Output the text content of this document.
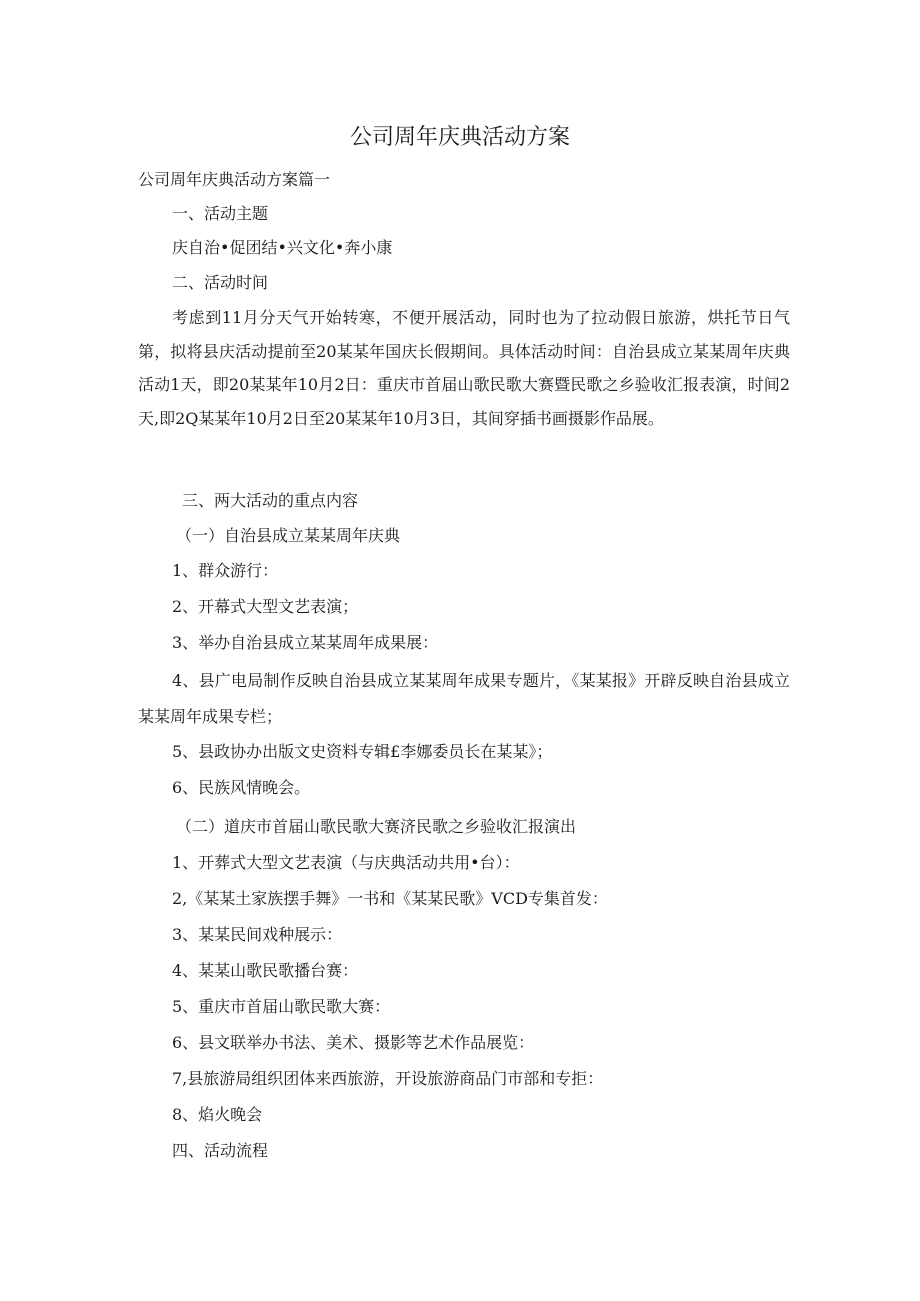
公司周年庆典活动方案
公司周年庆典活动方案篇一
一、活动主题
庆自治•促团结•兴文化•奔小康
二、活动时间
考虑到11月分天气开始转寒，不便开展活动，同时也为了拉动假日旅游，烘托节日气第，拟将县庆活动提前至20某某年国庆长假期间。具体活动时间：自治县成立某某周年庆典活动1天，即20某某年10月2日：重庆市首届山歌民歌大赛暨民歌之乡验收汇报表演，时间2天,即2Q某某年10月2日至20某某年10月3日，其间穿插书画摄影作品展。
三、两大活动的重点内容
（一）自治县成立某某周年庆典
1、群众游行：
2、开幕式大型文艺表演；
3、举办自治县成立某某周年成果展：
4、县广电局制作反映自治县成立某某周年成果专题片，《某某报》开辟反映自治县成立某某周年成果专栏；
5、县政协办出版文史资料专辑£李娜委员长在某某》；
6、民族风情晚会。
（二）道庆市首届山歌民歌大赛济民歌之乡验收汇报演出
1、开葬式大型文艺表演（与庆典活动共用•台）：
2,《某某土家族摆手舞》一书和《某某民歌》VCD专集首发：
3、某某民间戏种展示：
4、某某山歌民歌播台赛：
5、重庆市首届山歌民歌大赛：
6、县文联举办书法、美术、摄影等艺术作品展览：
7,县旅游局组织团体来西旅游，开设旅游商品门市部和专拒：
8、焰火晚会
四、活动流程
